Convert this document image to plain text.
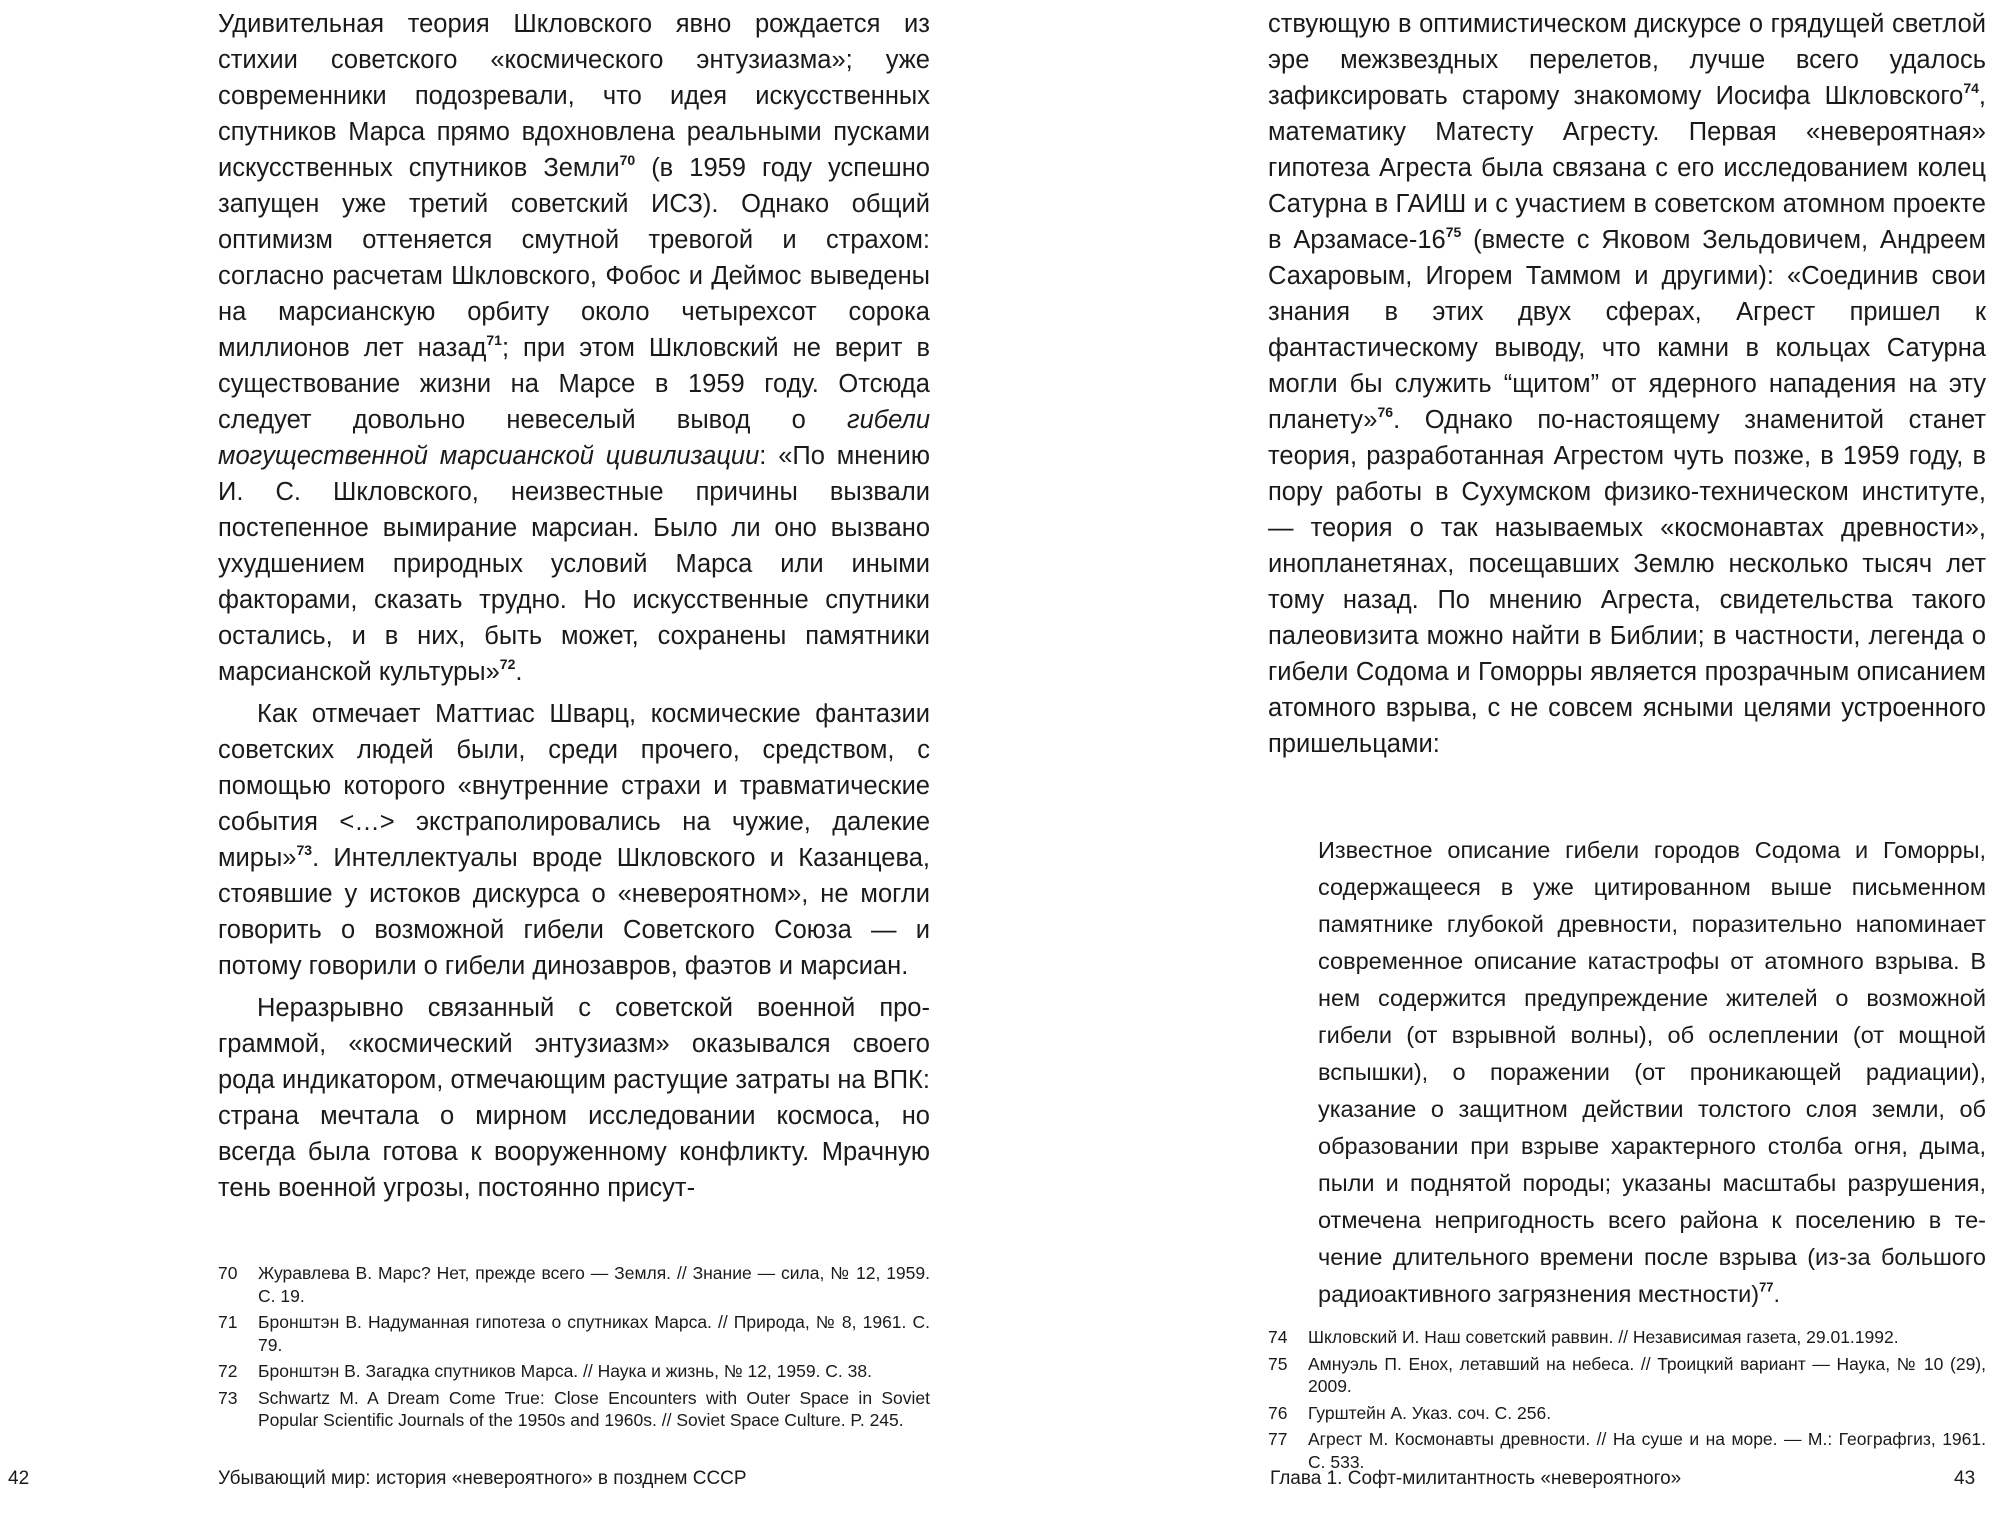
Удивительная теория Шкловского явно рождается из стихии советского «космического энтузиазма»; уже современники подозревали, что идея искусственных спутников Марса прямо вдохновлена реальными пусками искусственных спутников Земли$^{70}$ (в 1959 году успешно запущен уже третий советский ИСЗ). Однако общий оптимизм оттеняется смутной тревогой и страхом: согласно расчетам Шкловского, Фобос и Деймос выведены на марсианскую орбиту около четырехсот сорока миллионов лет назад$^{71}$; при этом Шкловский не верит в существование жизни на Марсе в 1959 году. Отсюда следует довольно невеселый вывод о гибели могущественной марсианской цивилизации: «По мнению И. С. Шкловского, неизвестные причины вызвали постепенное вымирание марсиан. Было ли оно вызвано ухудшением природных условий Марса или иными факторами, сказать трудно. Но искусственные спутники остались, и в них, быть может, сохранены памятники марсианской культуры»$^{72}$.

Как отмечает Маттиас Шварц, космические фантазии советских людей были, среди прочего, средством, с помощью которого «внутренние страхи и травматические события <…> экстраполировались на чужие, далекие миры»$^{73}$. Интеллектуалы вроде Шкловского и Казанцева, стоявшие у истоков дискурса о «невероятном», не могли говорить о возможной гибели Советского Союза — и потому говорили о гибели динозавров, фаэтов и марсиан.

Неразрывно связанный с советской военной программой, «космический энтузиазм» оказывался своего рода индикатором, отмечающим растущие затраты на ВПК: страна мечтала о мирном исследовании космоса, но всегда была готова к вооруженному конфликту. Мрачную тень военной угрозы, постоянно присут-

70	Журавлева В. Марс? Нет, прежде всего — Земля. // Знание — сила, № 12, 1959. С. 19.
71	Бронштэн В. Надуманная гипотеза о спутниках Марса. // Природа, № 8, 1961. С. 79.
72	Бронштэн В. Загадка спутников Марса. // Наука и жизнь, № 12, 1959. С. 38.
73	Schwartz M. A Dream Come True: Close Encounters with Outer Space in Soviet Popular Scientific Journals of the 1950s and 1960s. // Soviet Space Culture. P. 245.
42	Убывающий мир: история «невероятного» в позднем СССР

ствующую в оптимистическом дискурсе о грядущей светлой эре межзвездных перелетов, лучше всего удалось зафиксировать старому знакомому Иосифа Шкловского$^{74}$, математику Матесту Агресту. Первая «невероятная» гипотеза Агреста была связана с его исследованием колец Сатурна в ГАИШ и с участием в советском атомном проекте в Арзамасе-$16^{75}$ (вместе с Яковом Зельдовичем, Андреем Сахаровым, Игорем Таммом и другими): «Соединив свои знания в этих двух сферах, Агрест пришел к фантастическому выводу, что камни в кольцах Сатурна могли бы служить “щитом” от ядерного нападения на эту планету»$^{76}$. Однако по-настоящему знаменитой станет теория, разработанная Агрестом чуть позже, в 1959 году, в пору работы в Сухумском физико-техническом институте, — теория о так называемых «космонавтах древности», инопланетянах, посещавших Землю несколько тысяч лет тому назад. По мнению Агреста, свидетельства такого палеовизита можно найти в Библии; в частности, легенда о гибели Содома и Гоморры является прозрачным описанием атомного взрыва, с не совсем ясными целями устроенного пришельцами:

Известное описание гибели городов Содома и Гоморры, содержащееся в уже цитированном выше письменном памятнике глубокой древности, поразительно напоминает современное описание катастрофы от атомного взрыва. В нем содержится предупреждение жителей о возможной гибели (от взрывной волны), об ослеплении (от мощной вспышки), о поражении (от проникающей радиации), указание о защитном действии толстого слоя земли, об образовании при взрыве характерного столба огня, дыма, пыли и поднятой породы; указаны масштабы разрушения, отмечена непригодность всего района к поселению в течение длительного времени после взрыва (из-за большого радиоактивного загрязнения местности)$^{77}$.

74	Шкловский И. Наш советский раввин. // Независимая газета, 29.01.1992.
75	Амнуэль П. Енох, летавший на небеса. // Троицкий вариант — Наука, № 10 (29), 2009.
76	Гурштейн А. Указ. соч. С. 256.
77	Агрест М. Космонавты древности. // На суше и на море. — М.: Географгиз, 1961. С. 533.
Глава 1. Софт-милитантность «невероятного»	43
